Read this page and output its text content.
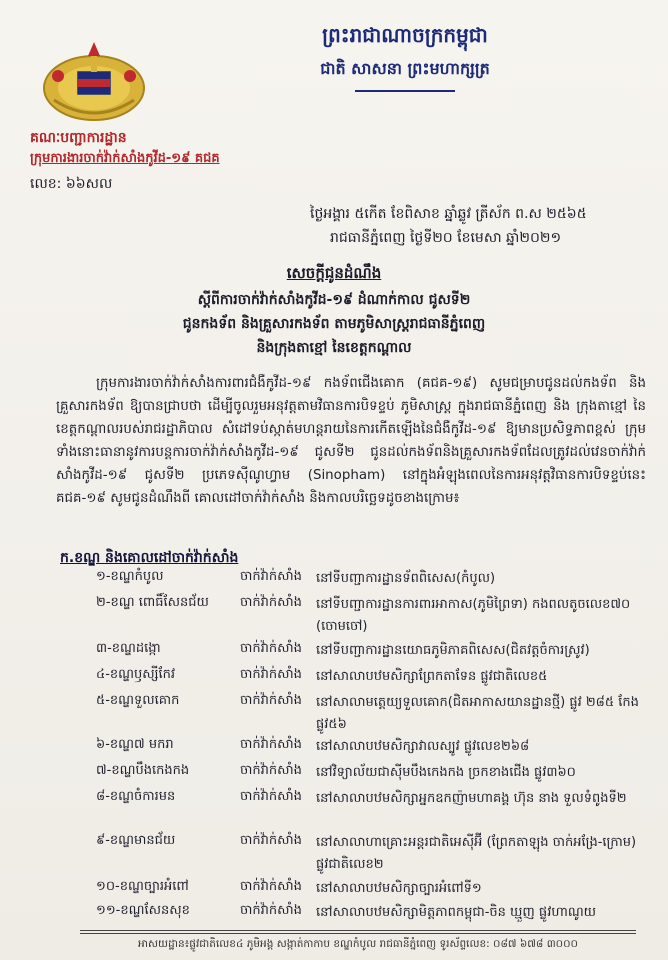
ព្រះរាជាណាចក្រកម្ពុជា
ជាតិ សាសនា ព្រះមហាក្សត្រ
គណៈបញ្ជាការដ្ឋាន
ក្រុមការងារចាក់វ៉ាក់សាំងកូវីដ-១៩ គជគ
លេខ: ៦៦សល
ថ្ងៃអង្គារ ៥កើត ខែពិសាខ ឆ្នាំឆ្លូវ ត្រីស័ក ព.ស ២៥៦៥
រាជធានីភ្នំពេញ ថ្ងៃទី២០ ខែមេសា ឆ្នាំ២០២១
សេចក្ដីជូនដំណឹង
ស្ដីពីការចាក់វ៉ាក់សាំងកូវីដ-១៩ ដំណាក់កាល ជូសទី២
ជូនកងទ័ព និងគ្រួសារកងទ័ព តាមភូមិសាស្ត្ររាជធានីភ្នំពេញ
និងក្រុងតាខ្មៅ នៃខេត្តកណ្ដាល
ក្រុមការងារចាក់វ៉ាក់សាំងការពារជំងឺកូវីដ-១៩ កងទ័ពជើងគោក (គជគ-១៩) សូមជម្រាបជូនដល់កងទ័ព និង គ្រួសារកងទ័ព ឱ្យបានជ្រាបថា ដើម្បីចូលរួមអនុវត្តតាមវិធានការបិទខ្ទប់ ភូមិសាស្ត្រ ក្នុងរាជធានីភ្នំពេញ និង ក្រុងតាខ្មៅ នៃខេត្តកណ្ដាលរបស់រាជរដ្ឋាភិបាល សំដៅទប់ស្កាត់មហន្តរាយនៃការកើតឡើងនៃជំងឺកូវីដ-១៩ ឱ្យមានប្រសិទ្ធភាពខ្ពស់ ក្រុមទាំងនោះធានានូវការបន្តការចាក់វ៉ាក់សាំងកូវីដ-១៩ ជូសទី២ ជូនដល់កងទ័ពនិងគ្រួសារកងទ័ពដែលត្រូវដល់វេនចាក់វ៉ាក់សាំងកូវីដ-១៩ ជូសទី២ ប្រភេទស៊ីណូហ្វាម (Sinopham) នៅក្នុងអំឡុងពេលនៃការអនុវត្តវិធានការបិទខ្ទប់នេះ គជគ-១៩ សូមជូនដំណឹងពី គោលដៅចាក់វ៉ាក់សាំង និងកាលបរិច្ឆេទដូចខាងក្រោម៖
ក.ខណ្ឌ និងគោលដៅចាក់វ៉ាក់សាំង
១-ខណ្ឌកំបូល	ចាក់វ៉ាក់សាំង នៅទីបញ្ជាការដ្ឋានទ័ពពិសេស(កំបូល)
២-ខណ្ឌ ពោធិ៍សែនជ័យ ចាក់វ៉ាក់សាំង នៅទីបញ្ជាការដ្ឋានការពារអាកាស(ភូមិព្រៃទា) កងពលតូចលេខ៧០ (ចោមចៅ)
៣-ខណ្ឌដង្កោ	ចាក់វ៉ាក់សាំង នៅទីបញ្ជាការដ្ឋានយោធភូមិភាគពិសេស(ជិតវត្តចំការស្រូវ)
៤-ខណ្ឌឫស្សីកែវ	ចាក់វ៉ាក់សាំង នៅសាលាបឋមសិក្សាព្រែកតាទែន ផ្លូវជាតិលេខ៥
៥-ខណ្ឌទួលគោក	ចាក់វ៉ាក់សាំង នៅសាលាមត្តេយ្យទួលគោក(ជិតអាកាសយានដ្ឋានថ្មី) ផ្លូវ ២៨៥ កែងផ្លូវ៥៦
៦-ខណ្ឌ៧ មករា	ចាក់វ៉ាក់សាំង នៅសាលាបឋមសិក្សាវាលស្បូវ ផ្លូវលេខ២៦៨
៧-ខណ្ឌបឹងកេងកង	ចាក់វ៉ាក់សាំង នៅវិទ្យាល័យជាស៊ីមបឹងកេងកង ច្រកខាងជើង ផ្លូវ៣៦០
៨-ខណ្ឌចំការមន	ចាក់វ៉ាក់សាំង នៅសាលាបឋមសិក្សាអ្នកឧកញ៉ាមហាគង្គ ហ៊ុន នាង ទួលទំពូងទី២
៩-ខណ្ឌមានជ័យ	ចាក់វ៉ាក់សាំង នៅសាលាហាគ្រោះអន្តរជាតិអេស៊ីអ៊ី (ព្រែកតាឡុង ចាក់អង្រែ-ក្រោម) ផ្លូវជាតិលេខ២
១០-ខណ្ឌច្បារអំពៅ	ចាក់វ៉ាក់សាំង នៅសាលាបឋមសិក្សាច្បារអំពៅទី១
១១-ខណ្ឌសែនសុខ	ចាក់វ៉ាក់សាំង នៅសាលាបឋមសិក្សាមិត្តភាពកម្ពុជា-ចិន ឃ្មួញ ផ្លូវហាណូយ
អាសយដ្ឋាន៖ផ្លូវជាតិលេខ៤ ភូមិអង្គ សង្កាត់កាកាប ខណ្ឌកំបូល រាជធានីភ្នំពេញ ទូរស័ព្ទលេខ: ០៨៧ ៦៧៨ ៣០០០
